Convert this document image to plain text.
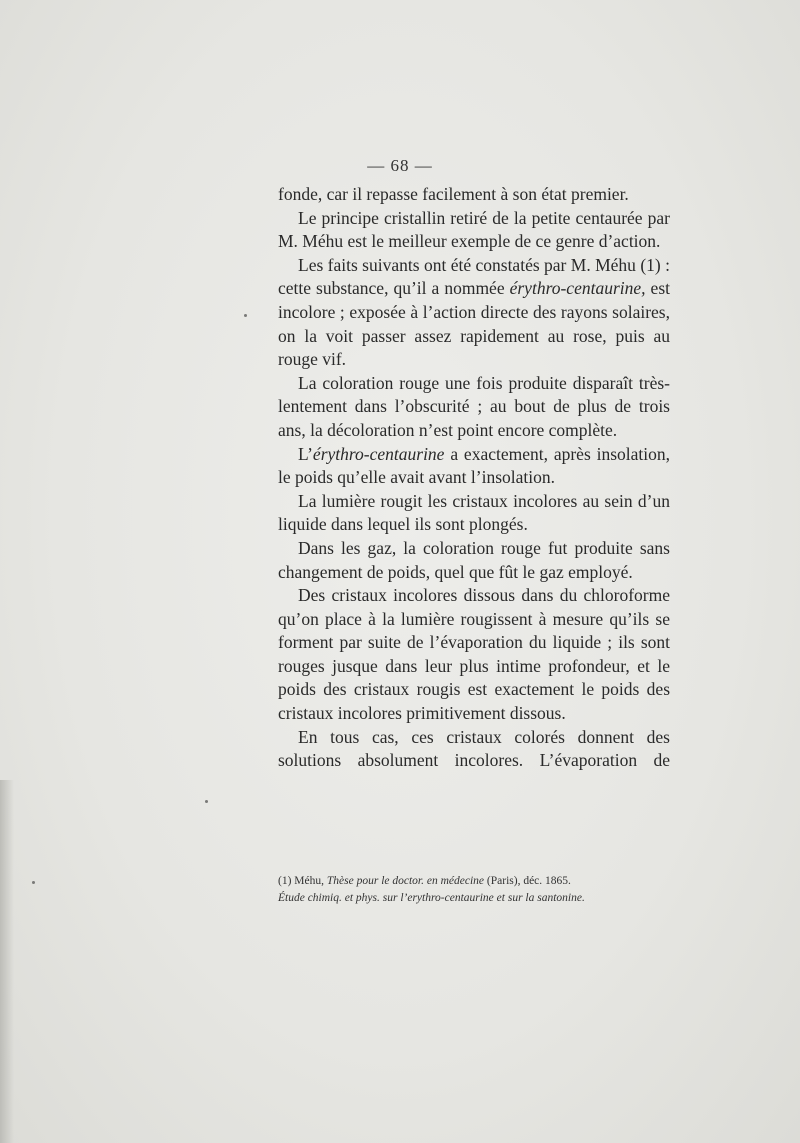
— 68 —

fonde, car il repasse facilement à son état premier.

Le principe cristallin retiré de la petite centaurée par M. Méhu est le meilleur exemple de ce genre d’action.

Les faits suivants ont été constatés par M. Méhu (1) : cette substance, qu’il a nommée érythro-centaurine, est incolore ; exposée à l’action directe des rayons solaires, on la voit passer assez rapidement au rose, puis au rouge vif.

La coloration rouge une fois produite disparaît très-lentement dans l’obscurité ; au bout de plus de trois ans, la décoloration n’est point encore complète.

L’érythro-centaurine a exactement, après insolation, le poids qu’elle avait avant l’insolation.

La lumière rougit les cristaux incolores au sein d’un liquide dans lequel ils sont plongés.

Dans les gaz, la coloration rouge fut produite sans changement de poids, quel que fût le gaz employé.

Des cristaux incolores dissous dans du chloroforme qu’on place à la lumière rougissent à mesure qu’ils se forment par suite de l’évaporation du liquide ; ils sont rouges jusque dans leur plus intime profondeur, et le poids des cristaux rougis est exactement le poids des cristaux incolores primitivement dissous.

En tous cas, ces cristaux colorés donnent des solutions absolument incolores. L’évaporation de

(1) Méhu, Thèse pour le doctor. en médecine (Paris), déc. 1865.
Étude chimiq. et phys. sur l’erythro-centaurine et sur la santonine.
